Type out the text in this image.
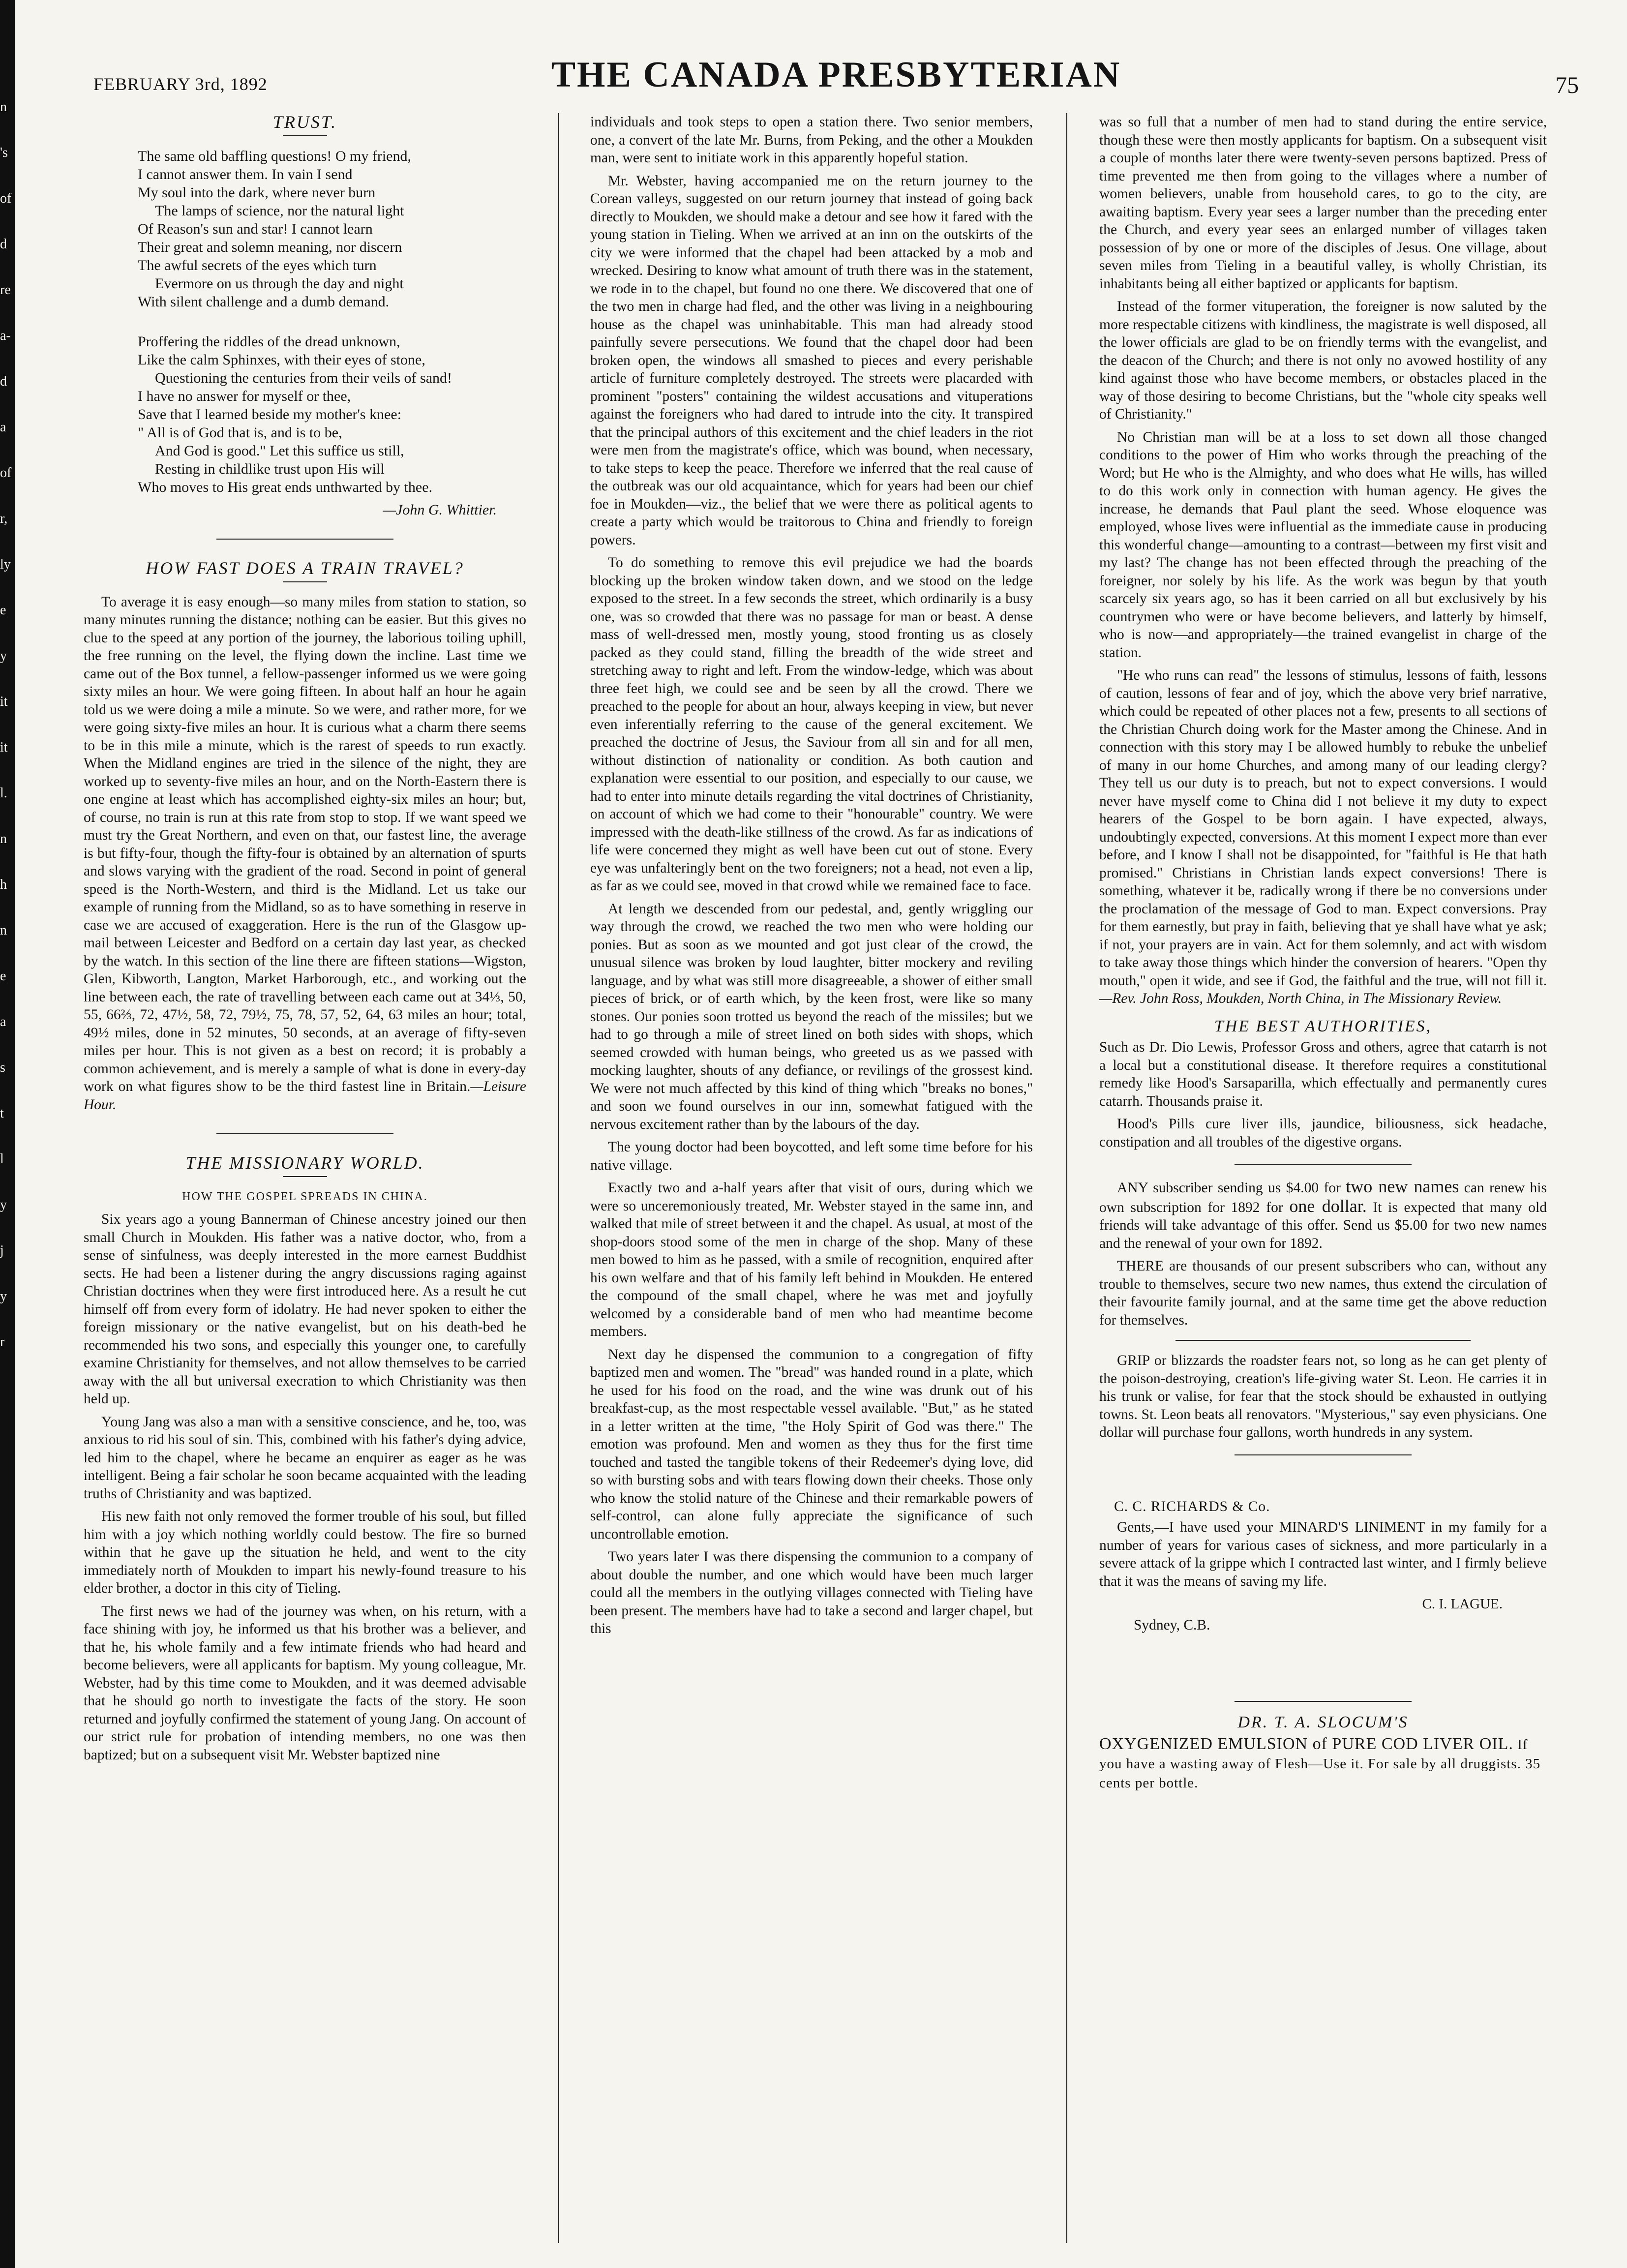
n
's
of
d
re
a-
d
a
of
r,
ly
e
y
it
it
l.
n
h
n
e
a
s
t
l
y
j
y
r
FEBRUARY 3rd, 1892	THE CANADA PRESBYTERIAN	75

TRUST.

The same old baffling questions! O my friend,
I cannot answer them. In vain I send
My soul into the dark, where never burn
The lamps of science, nor the natural light
Of Reason's sun and star! I cannot learn
Their great and solemn meaning, nor discern
The awful secrets of the eyes which turn
Evermore on us through the day and night
With silent challenge and a dumb demand.
Proffering the riddles of the dread unknown,
Like the calm Sphinxes, with their eyes of stone,
Questioning the centuries from their veils of sand!
I have no answer for myself or thee,
Save that I learned beside my mother's knee:
" All is of God that is, and is to be,
And God is good." Let this suffice us still,
Resting in childlike trust upon His will
Who moves to His great ends unthwarted by thee.

—John G. Whittier.

HOW FAST DOES A TRAIN TRAVEL?

To average it is easy enough—so many miles from station to station, so many minutes running the distance; nothing can be easier. But this gives no clue to the speed at any portion of the journey, the laborious toiling uphill, the free running on the level, the flying down the incline. Last time we came out of the Box tunnel, a fellow-passenger informed us we were going sixty miles an hour. We were going fifteen. In about half an hour he again told us we were doing a mile a minute. So we were, and rather more, for we were going sixty-five miles an hour. It is curious what a charm there seems to be in this mile a minute, which is the rarest of speeds to run exactly. When the Midland engines are tried in the silence of the night, they are worked up to seventy-five miles an hour, and on the North-Eastern there is one engine at least which has accomplished eighty-six miles an hour; but, of course, no train is run at this rate from stop to stop. If we want speed we must try the Great Northern, and even on that, our fastest line, the average is but fifty-four, though the fifty-four is obtained by an alternation of spurts and slows varying with the gradient of the road. Second in point of general speed is the North-Western, and third is the Midland. Let us take our example of running from the Midland, so as to have something in reserve in case we are accused of exaggeration. Here is the run of the Glasgow up-mail between Leicester and Bedford on a certain day last year, as checked by the watch. In this section of the line there are fifteen stations—Wigston, Glen, Kibworth, Langton, Market Harborough, etc., and working out the line between each, the rate of travelling between each came out at 34⅓, 50, 55, 66⅔, 72, 47½, 58, 72, 79½, 75, 78, 57, 52, 64, 63 miles an hour; total, 49½ miles, done in 52 minutes, 50 seconds, at an average of fifty-seven miles per hour. This is not given as a best on record; it is probably a common achievement, and is merely a sample of what is done in every-day work on what figures show to be the third fastest line in Britain.—Leisure Hour.

THE MISSIONARY WORLD.

HOW THE GOSPEL SPREADS IN CHINA.

Six years ago a young Bannerman of Chinese ancestry joined our then small Church in Moukden. His father was a native doctor, who, from a sense of sinfulness, was deeply interested in the more earnest Buddhist sects. He had been a listener during the angry discussions raging against Christian doctrines when they were first introduced here. As a result he cut himself off from every form of idolatry. He had never spoken to either the foreign missionary or the native evangelist, but on his death-bed he recommended his two sons, and especially this younger one, to carefully examine Christianity for themselves, and not allow themselves to be carried away with the all but universal execration to which Christianity was then held up.

Young Jang was also a man with a sensitive conscience, and he, too, was anxious to rid his soul of sin. This, combined with his father's dying advice, led him to the chapel, where he became an enquirer as eager as he was intelligent. Being a fair scholar he soon became acquainted with the leading truths of Christianity and was baptized.

His new faith not only removed the former trouble of his soul, but filled him with a joy which nothing worldly could bestow. The fire so burned within that he gave up the situation he held, and went to the city immediately north of Moukden to impart his newly-found treasure to his elder brother, a doctor in this city of Tieling.

The first news we had of the journey was when, on his return, with a face shining with joy, he informed us that his brother was a believer, and that he, his whole family and a few intimate friends who had heard and become believers, were all applicants for baptism. My young colleague, Mr. Webster, had by this time come to Moukden, and it was deemed advisable that he should go north to investigate the facts of the story. He soon returned and joyfully confirmed the statement of young Jang. On account of our strict rule for probation of intending members, no one was then baptized; but on a subsequent visit Mr. Webster baptized nine

individuals and took steps to open a station there. Two senior members, one, a convert of the late Mr. Burns, from Peking, and the other a Moukden man, were sent to initiate work in this apparently hopeful station.

Mr. Webster, having accompanied me on the return journey to the Corean valleys, suggested on our return journey that instead of going back directly to Moukden, we should make a detour and see how it fared with the young station in Tieling. When we arrived at an inn on the outskirts of the city we were informed that the chapel had been attacked by a mob and wrecked. Desiring to know what amount of truth there was in the statement, we rode in to the chapel, but found no one there. We discovered that one of the two men in charge had fled, and the other was living in a neighbouring house as the chapel was uninhabitable. This man had already stood painfully severe persecutions. We found that the chapel door had been broken open, the windows all smashed to pieces and every perishable article of furniture completely destroyed. The streets were placarded with prominent "posters" containing the wildest accusations and vituperations against the foreigners who had dared to intrude into the city. It transpired that the principal authors of this excitement and the chief leaders in the riot were men from the magistrate's office, which was bound, when necessary, to take steps to keep the peace. Therefore we inferred that the real cause of the outbreak was our old acquaintance, which for years had been our chief foe in Moukden—viz., the belief that we were there as political agents to create a party which would be traitorous to China and friendly to foreign powers.

To do something to remove this evil prejudice we had the boards blocking up the broken window taken down, and we stood on the ledge exposed to the street. In a few seconds the street, which ordinarily is a busy one, was so crowded that there was no passage for man or beast. A dense mass of well-dressed men, mostly young, stood fronting us as closely packed as they could stand, filling the breadth of the wide street and stretching away to right and left. From the window-ledge, which was about three feet high, we could see and be seen by all the crowd. There we preached to the people for about an hour, always keeping in view, but never even inferentially referring to the cause of the general excitement. We preached the doctrine of Jesus, the Saviour from all sin and for all men, without distinction of nationality or condition. As both caution and explanation were essential to our position, and especially to our cause, we had to enter into minute details regarding the vital doctrines of Christianity, on account of which we had come to their "honourable" country. We were impressed with the death-like stillness of the crowd. As far as indications of life were concerned they might as well have been cut out of stone. Every eye was unfalteringly bent on the two foreigners; not a head, not even a lip, as far as we could see, moved in that crowd while we remained face to face.

At length we descended from our pedestal, and, gently wriggling our way through the crowd, we reached the two men who were holding our ponies. But as soon as we mounted and got just clear of the crowd, the unusual silence was broken by loud laughter, bitter mockery and reviling language, and by what was still more disagreeable, a shower of either small pieces of brick, or of earth which, by the keen frost, were like so many stones. Our ponies soon trotted us beyond the reach of the missiles; but we had to go through a mile of street lined on both sides with shops, which seemed crowded with human beings, who greeted us as we passed with mocking laughter, shouts of any defiance, or revilings of the grossest kind. We were not much affected by this kind of thing which "breaks no bones," and soon we found ourselves in our inn, somewhat fatigued with the nervous excitement rather than by the labours of the day.

The young doctor had been boycotted, and left some time before for his native village.

Exactly two and a-half years after that visit of ours, during which we were so unceremoniously treated, Mr. Webster stayed in the same inn, and walked that mile of street between it and the chapel. As usual, at most of the shop-doors stood some of the men in charge of the shop. Many of these men bowed to him as he passed, with a smile of recognition, enquired after his own welfare and that of his family left behind in Moukden. He entered the compound of the small chapel, where he was met and joyfully welcomed by a considerable band of men who had meantime become members.

Next day he dispensed the communion to a congregation of fifty baptized men and women. The "bread" was handed round in a plate, which he used for his food on the road, and the wine was drunk out of his breakfast-cup, as the most respectable vessel available. "But," as he stated in a letter written at the time, "the Holy Spirit of God was there." The emotion was profound. Men and women as they thus for the first time touched and tasted the tangible tokens of their Redeemer's dying love, did so with bursting sobs and with tears flowing down their cheeks. Those only who know the stolid nature of the Chinese and their remarkable powers of self-control, can alone fully appreciate the significance of such uncontrollable emotion.

Two years later I was there dispensing the communion to a company of about double the number, and one which would have been much larger could all the members in the outlying villages connected with Tieling have been present. The members have had to take a second and larger chapel, but this

was so full that a number of men had to stand during the entire service, though these were then mostly applicants for baptism. On a subsequent visit a couple of months later there were twenty-seven persons baptized. Press of time prevented me then from going to the villages where a number of women believers, unable from household cares, to go to the city, are awaiting baptism. Every year sees a larger number than the preceding enter the Church, and every year sees an enlarged number of villages taken possession of by one or more of the disciples of Jesus. One village, about seven miles from Tieling in a beautiful valley, is wholly Christian, its inhabitants being all either baptized or applicants for baptism.

Instead of the former vituperation, the foreigner is now saluted by the more respectable citizens with kindliness, the magistrate is well disposed, all the lower officials are glad to be on friendly terms with the evangelist, and the deacon of the Church; and there is not only no avowed hostility of any kind against those who have become members, or obstacles placed in the way of those desiring to become Christians, but the "whole city speaks well of Christianity."

No Christian man will be at a loss to set down all those changed conditions to the power of Him who works through the preaching of the Word; but He who is the Almighty, and who does what He wills, has willed to do this work only in connection with human agency. He gives the increase, he demands that Paul plant the seed. Whose eloquence was employed, whose lives were influential as the immediate cause in producing this wonderful change—amounting to a contrast—between my first visit and my last? The change has not been effected through the preaching of the foreigner, nor solely by his life. As the work was begun by that youth scarcely six years ago, so has it been carried on all but exclusively by his countrymen who were or have become believers, and latterly by himself, who is now—and appropriately—the trained evangelist in charge of the station.

"He who runs can read" the lessons of stimulus, lessons of faith, lessons of caution, lessons of fear and of joy, which the above very brief narrative, which could be repeated of other places not a few, presents to all sections of the Christian Church doing work for the Master among the Chinese. And in connection with this story may I be allowed humbly to rebuke the unbelief of many in our home Churches, and among many of our leading clergy? They tell us our duty is to preach, but not to expect conversions. I would never have myself come to China did I not believe it my duty to expect hearers of the Gospel to be born again. I have expected, always, undoubtingly expected, conversions. At this moment I expect more than ever before, and I know I shall not be disappointed, for "faithful is He that hath promised." Christians in Christian lands expect conversions! There is something, whatever it be, radically wrong if there be no conversions under the proclamation of the message of God to man. Expect conversions. Pray for them earnestly, but pray in faith, believing that ye shall have what ye ask; if not, your prayers are in vain. Act for them solemnly, and act with wisdom to take away those things which hinder the conversion of hearers. "Open thy mouth," open it wide, and see if God, the faithful and the true, will not fill it.—Rev. John Ross, Moukden, North China, in The Missionary Review.

THE BEST AUTHORITIES,

Such as Dr. Dio Lewis, Professor Gross and others, agree that catarrh is not a local but a constitutional disease. It therefore requires a constitutional remedy like Hood's Sarsaparilla, which effectually and permanently cures catarrh. Thousands praise it.

Hood's Pills cure liver ills, jaundice, biliousness, sick headache, constipation and all troubles of the digestive organs.

ANY subscriber sending us $4.00 for two new names can renew his own subscription for 1892 for one dollar. It is expected that many old friends will take advantage of this offer. Send us $5.00 for two new names and the renewal of your own for 1892.

THERE are thousands of our present subscribers who can, without any trouble to themselves, secure two new names, thus extend the circulation of their favourite family journal, and at the same time get the above reduction for themselves.

GRIP or blizzards the roadster fears not, so long as he can get plenty of the poison-destroying, creation's life-giving water St. Leon. He carries it in his trunk or valise, for fear that the stock should be exhausted in outlying towns. St. Leon beats all renovators. "Mysterious," say even physicians. One dollar will purchase four gallons, worth hundreds in any system.

C. C. RICHARDS & Co.

Gents,—I have used your MINARD'S LINIMENT in my family for a number of years for various cases of sickness, and more particularly in a severe attack of la grippe which I contracted last winter, and I firmly believe that it was the means of saving my life.

C. I. LAGUE.

Sydney, C.B.

DR. T. A. SLOCUM'S

OXYGENIZED EMULSION of PURE COD LIVER OIL. If you have a wasting away of Flesh—Use it. For sale by all druggists. 35 cents per bottle.
